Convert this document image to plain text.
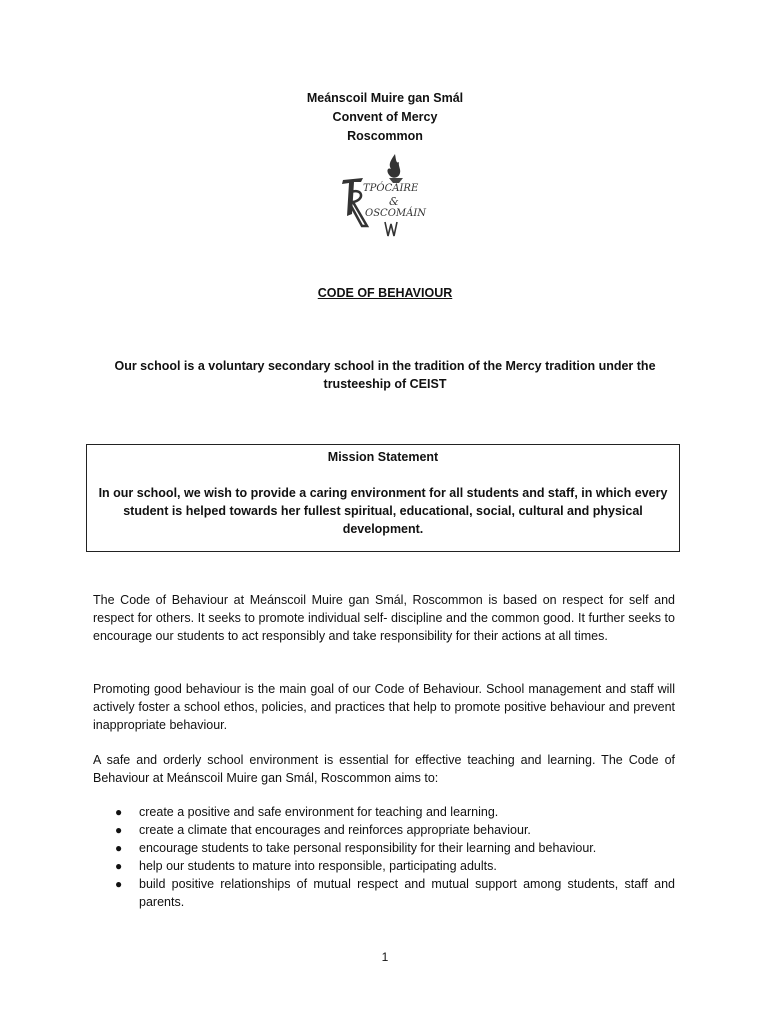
Meánscoil Muire gan Smál
Convent of Mercy
Roscommon
ТРÓCAIRE
&
OSCOMÁIN
CODE OF BEHAVIOUR
Our school is a voluntary secondary school in the tradition of the Mercy tradition under the trusteeship of CEIST
Mission Statement
In our school, we wish to provide a caring environment for all students and staff, in which every student is helped towards her fullest spiritual, educational, social, cultural and physical development.
The Code of Behaviour at Meánscoil Muire gan Smál, Roscommon is based on respect for self and respect for others. It seeks to promote individual self- discipline and the common good. It further seeks to encourage our students to act responsibly and take responsibility for their actions at all times.
Promoting good behaviour is the main goal of our Code of Behaviour. School management and staff will actively foster a school ethos, policies, and practices that help to promote positive behaviour and prevent inappropriate behaviour.
A safe and orderly school environment is essential for effective teaching and learning. The Code of Behaviour at Meánscoil Muire gan Smál, Roscommon aims to:
● create a positive and safe environment for teaching and learning.
● create a climate that encourages and reinforces appropriate behaviour.
● encourage students to take personal responsibility for their learning and behaviour.
● help our students to mature into responsible, participating adults.
● build positive relationships of mutual respect and mutual support among students, staff and parents.
1
